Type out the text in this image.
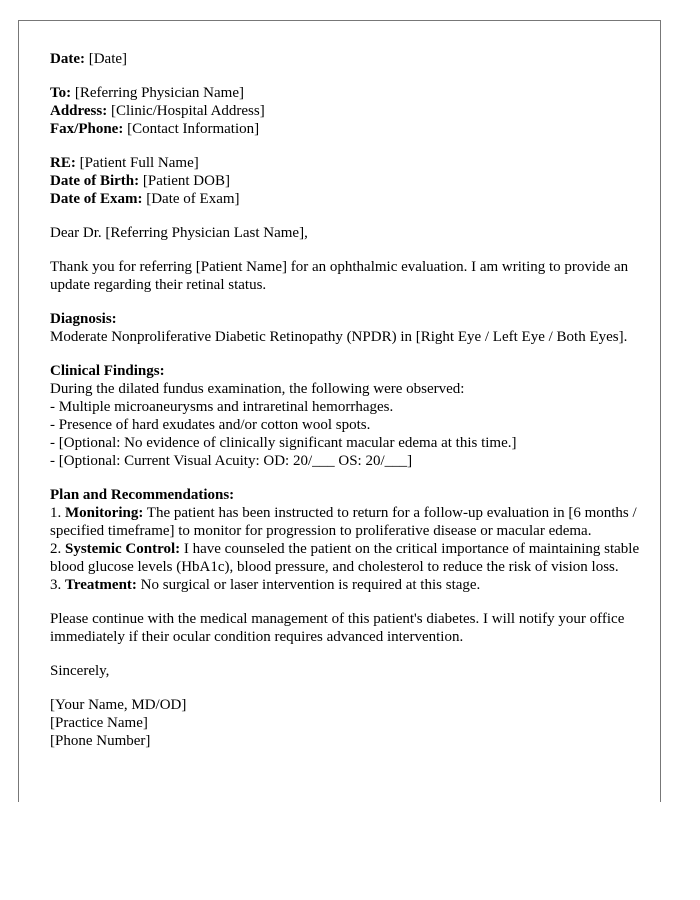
Date: [Date]

To: [Referring Physician Name]

Address: [Clinic/Hospital Address]

Fax/Phone: [Contact Information]

RE: [Patient Full Name]

Date of Birth: [Patient DOB]

Date of Exam: [Date of Exam]

Dear Dr. [Referring Physician Last Name],

Thank you for referring [Patient Name] for an ophthalmic evaluation. I am writing to provide an update regarding their retinal status.

Diagnosis:

Moderate Nonproliferative Diabetic Retinopathy (NPDR) in [Right Eye / Left Eye / Both Eyes].

Clinical Findings:

During the dilated fundus examination, the following were observed:

- Multiple microaneurysms and intraretinal hemorrhages.

- Presence of hard exudates and/or cotton wool spots.

- [Optional: No evidence of clinically significant macular edema at this time.]

- [Optional: Current Visual Acuity: OD: 20/___ OS: 20/___]

Plan and Recommendations:

1. Monitoring: The patient has been instructed to return for a follow-up evaluation in [6 months / specified timeframe] to monitor for progression to proliferative disease or macular edema.

2. Systemic Control: I have counseled the patient on the critical importance of maintaining stable blood glucose levels (HbA1c), blood pressure, and cholesterol to reduce the risk of vision loss.

3. Treatment: No surgical or laser intervention is required at this stage.

Please continue with the medical management of this patient's diabetes. I will notify your office immediately if their ocular condition requires advanced intervention.

Sincerely,

[Your Name, MD/OD]

[Practice Name]

[Phone Number]
